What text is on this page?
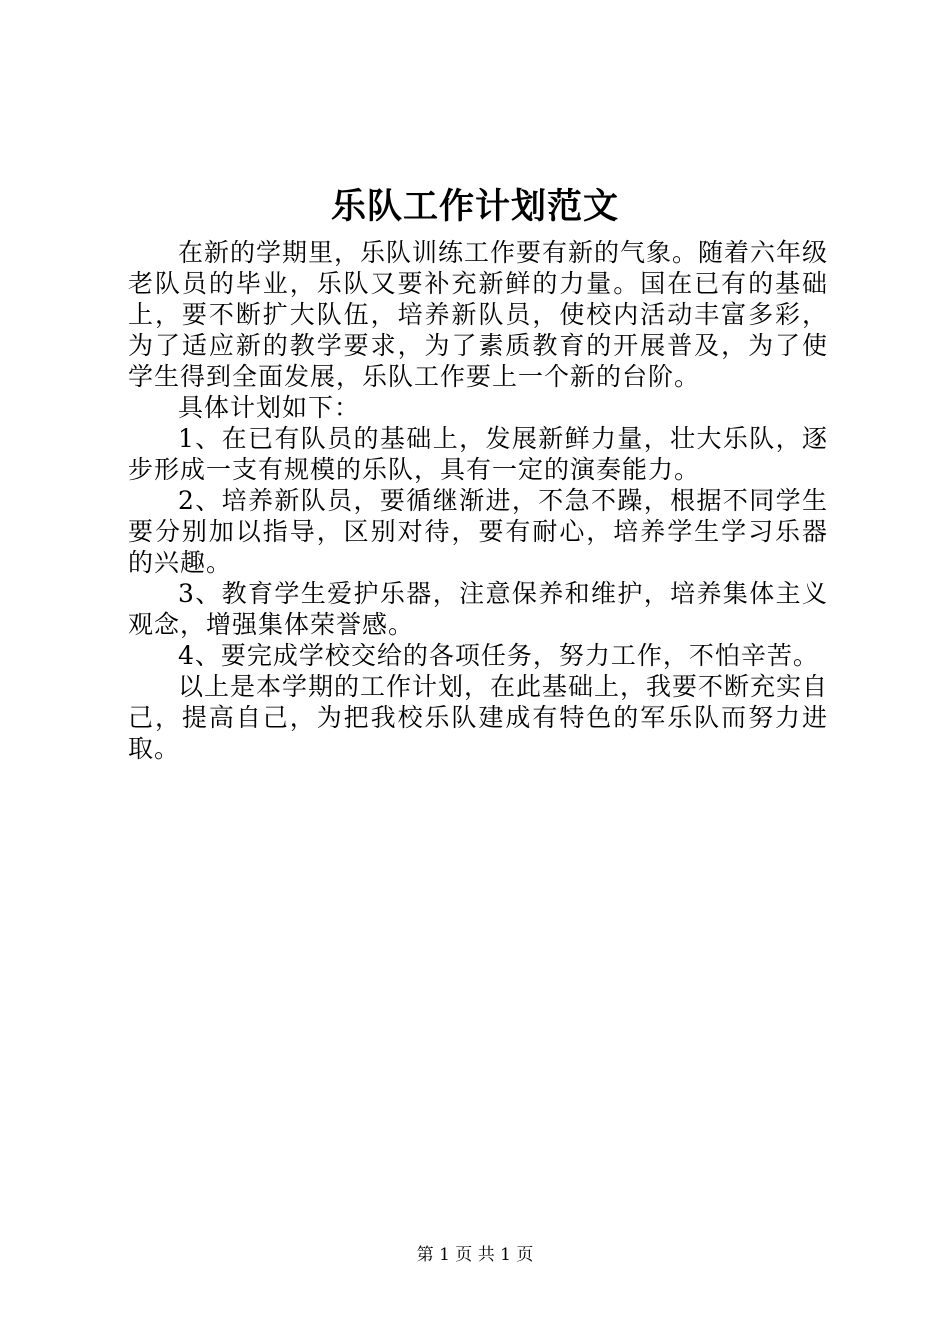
乐队工作计划范文

在新的学期里，乐队训练工作要有新的气象。随着六年级老队员的毕业，乐队又要补充新鲜的力量。国在已有的基础上，要不断扩大队伍，培养新队员，使校内活动丰富多彩，为了适应新的教学要求，为了素质教育的开展普及，为了使学生得到全面发展，乐队工作要上一个新的台阶。

具体计划如下：

1、在已有队员的基础上，发展新鲜力量，壮大乐队，逐步形成一支有规模的乐队，具有一定的演奏能力。

2、培养新队员，要循继渐进，不急不躁，根据不同学生要分别加以指导，区别对待，要有耐心，培养学生学习乐器的兴趣。

3、教育学生爱护乐器，注意保养和维护，培养集体主义观念，增强集体荣誉感。

4、要完成学校交给的各项任务，努力工作，不怕辛苦。

以上是本学期的工作计划，在此基础上，我要不断充实自己，提高自己，为把我校乐队建成有特色的军乐队而努力进取。

第 1 页 共 1 页
